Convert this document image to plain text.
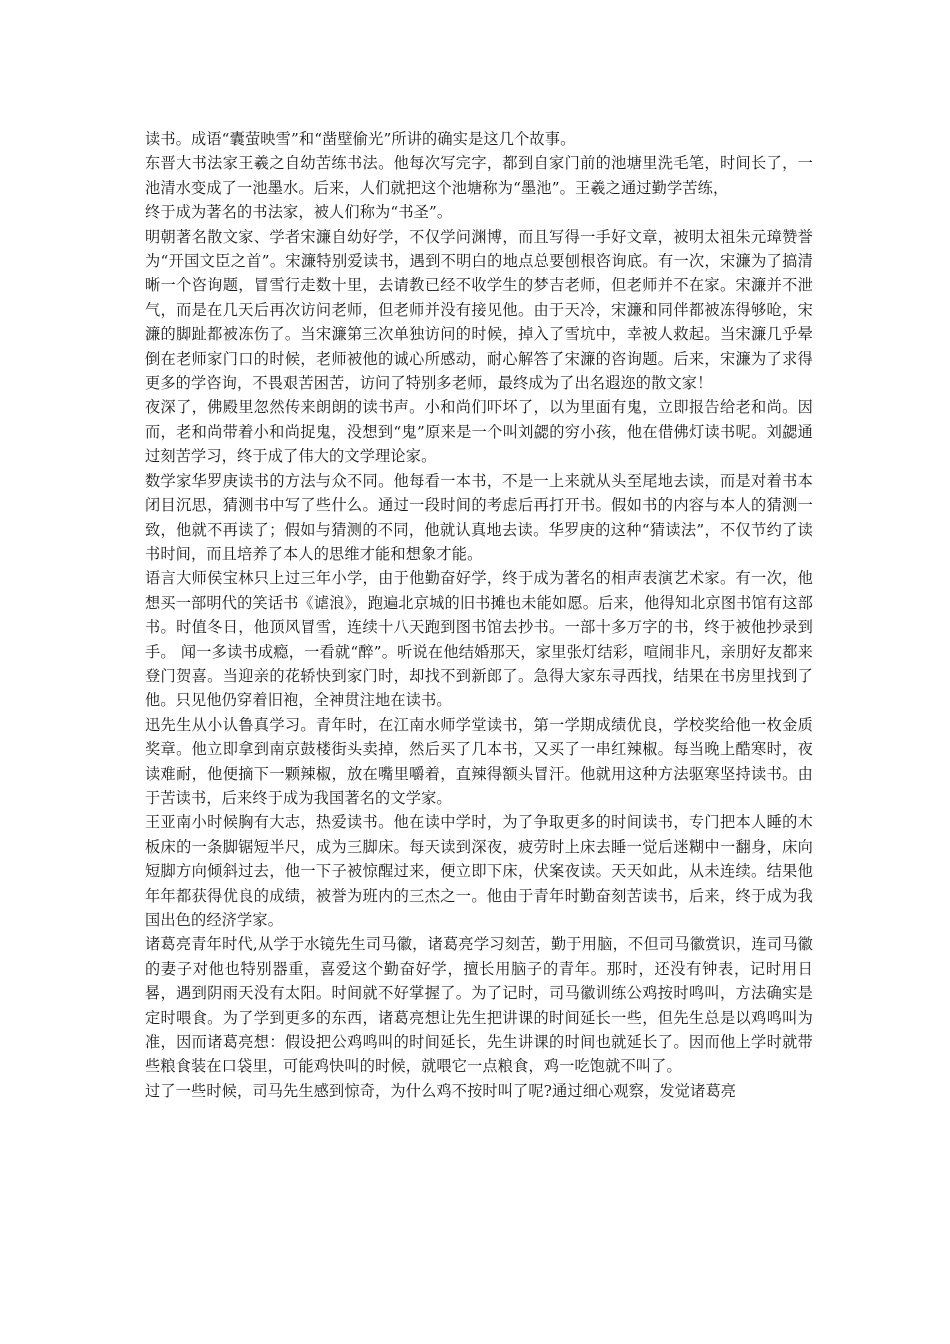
读书。成语“囊萤映雪”和“凿壁偷光”所讲的确实是这几个故事。

东晋大书法家王羲之自幼苦练书法。他每次写完字，都到自家门前的池塘里洗毛笔，时间长了，一池清水变成了一池墨水。后来，人们就把这个池塘称为“墨池”。王羲之通过勤学苦练，

终于成为著名的书法家，被人们称为“书圣”。

明朝著名散文家、学者宋濂自幼好学，不仅学问渊博，而且写得一手好文章，被明太祖朱元璋赞誉为“开国文臣之首”。宋濂特别爱读书，遇到不明白的地点总要刨根咨询底。有一次，宋濂为了搞清晰一个咨询题，冒雪行走数十里，去请教已经不收学生的梦吉老师，但老师并不在家。宋濂并不泄气，而是在几天后再次访问老师，但老师并没有接见他。由于天冷，宋濂和同伴都被冻得够呛，宋濂的脚趾都被冻伤了。当宋濂第三次单独访问的时候，掉入了雪坑中，幸被人救起。当宋濂几乎晕倒在老师家门口的时候，老师被他的诚心所感动，耐心解答了宋濂的咨询题。后来，宋濂为了求得更多的学咨询，不畏艰苦困苦，访问了特别多老师，最终成为了出名遐迩的散文家！

夜深了，佛殿里忽然传来朗朗的读书声。小和尚们吓坏了，以为里面有鬼，立即报告给老和尚。因而，老和尚带着小和尚捉鬼，没想到“鬼”原来是一个叫刘勰的穷小孩，他在借佛灯读书呢。刘勰通过刻苦学习，终于成了伟大的文学理论家。

数学家华罗庚读书的方法与众不同。他每看一本书，不是一上来就从头至尾地去读，而是对着书本闭目沉思，猜测书中写了些什么。通过一段时间的考虑后再打开书。假如书的内容与本人的猜测一致，他就不再读了；假如与猜测的不同，他就认真地去读。华罗庚的这种“猜读法”，不仅节约了读书时间，而且培养了本人的思维才能和想象才能。

语言大师侯宝林只上过三年小学，由于他勤奋好学，终于成为著名的相声表演艺术家。有一次，他想买一部明代的笑话书《谑浪》，跑遍北京城的旧书摊也未能如愿。后来，他得知北京图书馆有这部书。时值冬日，他顶风冒雪，连续十八天跑到图书馆去抄书。一部十多万字的书，终于被他抄录到手。 闻一多读书成瘾，一看就“醉”。听说在他结婚那天，家里张灯结彩，喧闹非凡，亲朋好友都来登门贺喜。当迎亲的花轿快到家门时，却找不到新郎了。急得大家东寻西找，结果在书房里找到了他。只见他仍穿着旧袍，全神贯注地在读书。

迅先生从小认鲁真学习。青年时，在江南水师学堂读书，第一学期成绩优良，学校奖给他一枚金质奖章。他立即拿到南京鼓楼街头卖掉，然后买了几本书，又买了一串红辣椒。每当晚上酷寒时，夜读难耐，他便摘下一颗辣椒，放在嘴里嚼着，直辣得额头冒汗。他就用这种方法驱寒坚持读书。由于苦读书，后来终于成为我国著名的文学家。

王亚南小时候胸有大志，热爱读书。他在读中学时，为了争取更多的时间读书，专门把本人睡的木板床的一条脚锯短半尺，成为三脚床。每天读到深夜，疲劳时上床去睡一觉后迷糊中一翻身，床向短脚方向倾斜过去，他一下子被惊醒过来，便立即下床，伏案夜读。天天如此，从未连续。结果他年年都获得优良的成绩，被誉为班内的三杰之一。他由于青年时勤奋刻苦读书，后来，终于成为我国出色的经济学家。

诸葛亮青年时代,从学于水镜先生司马徽，诸葛亮学习刻苦，勤于用脑，不但司马徽赏识，连司马徽的妻子对他也特别器重，喜爱这个勤奋好学，擅长用脑子的青年。那时，还没有钟表，记时用日晷，遇到阴雨天没有太阳。时间就不好掌握了。为了记时，司马徽训练公鸡按时鸣叫，方法确实是定时喂食。为了学到更多的东西，诸葛亮想让先生把讲课的时间延长一些，但先生总是以鸡鸣叫为准，因而诸葛亮想：假设把公鸡鸣叫的时间延长，先生讲课的时间也就延长了。因而他上学时就带些粮食装在口袋里，可能鸡快叫的时候，就喂它一点粮食，鸡一吃饱就不叫了。

过了一些时候，司马先生感到惊奇，为什么鸡不按时叫了呢?通过细心观察，发觉诸葛亮
